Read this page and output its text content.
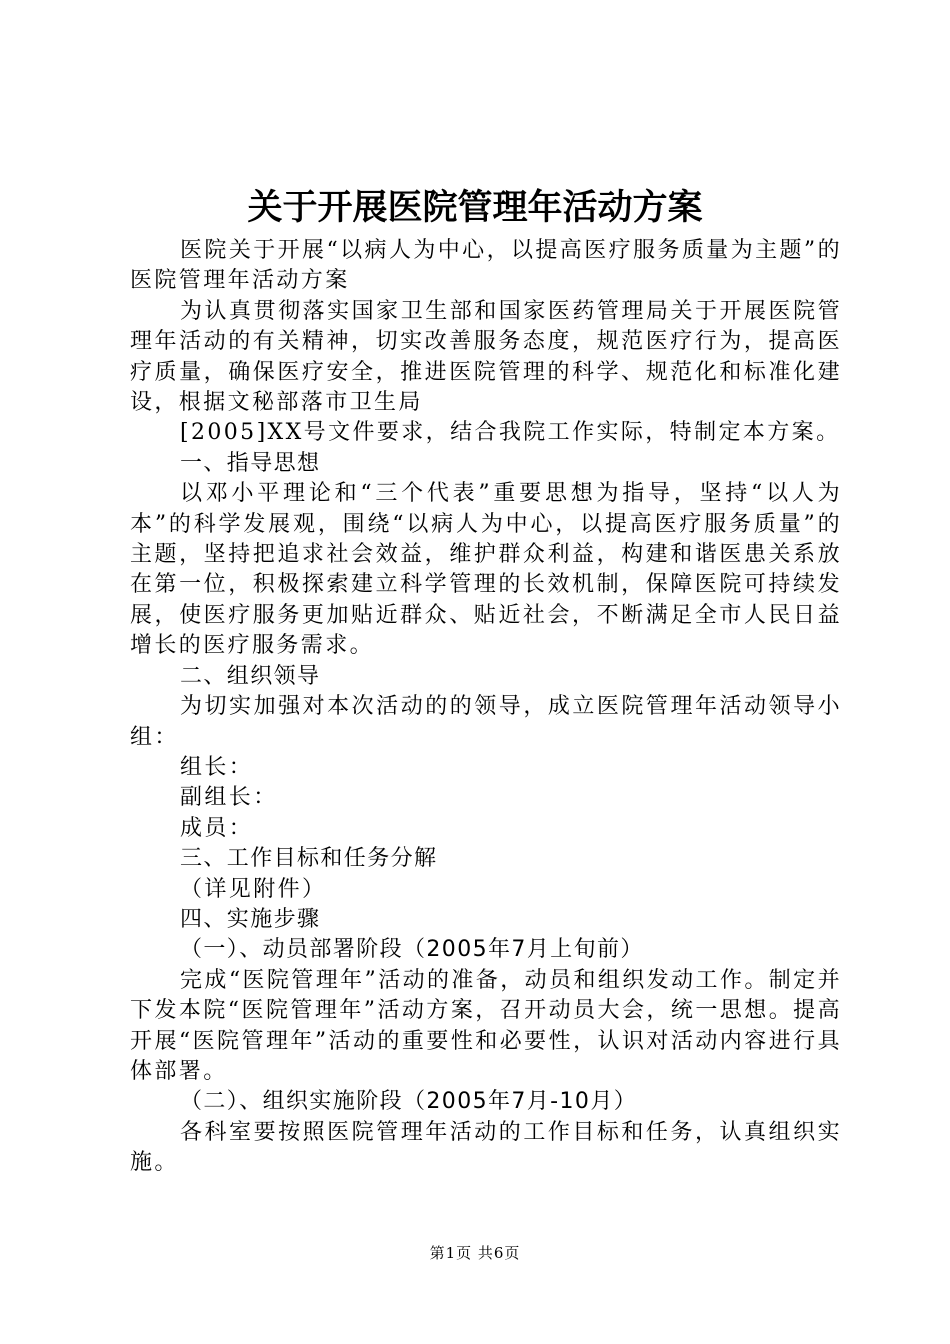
关于开展医院管理年活动方案

医院关于开展“以病人为中心，以提高医疗服务质量为主题”的医院管理年活动方案

为认真贯彻落实国家卫生部和国家医药管理局关于开展医院管理年活动的有关精神，切实改善服务态度，规范医疗行为，提高医疗质量，确保医疗安全，推进医院管理的科学、规范化和标准化建设，根据文秘部落市卫生局

[2005]XX号文件要求，结合我院工作实际，特制定本方案。

一、指导思想

以邓小平理论和“三个代表”重要思想为指导，坚持“以人为本”的科学发展观，围绕“以病人为中心，以提高医疗服务质量”的主题，坚持把追求社会效益，维护群众利益，构建和谐医患关系放在第一位，积极探索建立科学管理的长效机制，保障医院可持续发展，使医疗服务更加贴近群众、贴近社会，不断满足全市人民日益增长的医疗服务需求。

二、组织领导

为切实加强对本次活动的的领导，成立医院管理年活动领导小组：

组长：

副组长：

成员：

三、工作目标和任务分解

（详见附件）

四、实施步骤

（一）、动员部署阶段（2005年7月上旬前）

完成“医院管理年”活动的准备，动员和组织发动工作。制定并下发本院“医院管理年”活动方案，召开动员大会，统一思想。提高开展“医院管理年”活动的重要性和必要性，认识对活动内容进行具体部署。

（二）、组织实施阶段（2005年7月-10月）

各科室要按照医院管理年活动的工作目标和任务，认真组织实施。

第1页 共6页
